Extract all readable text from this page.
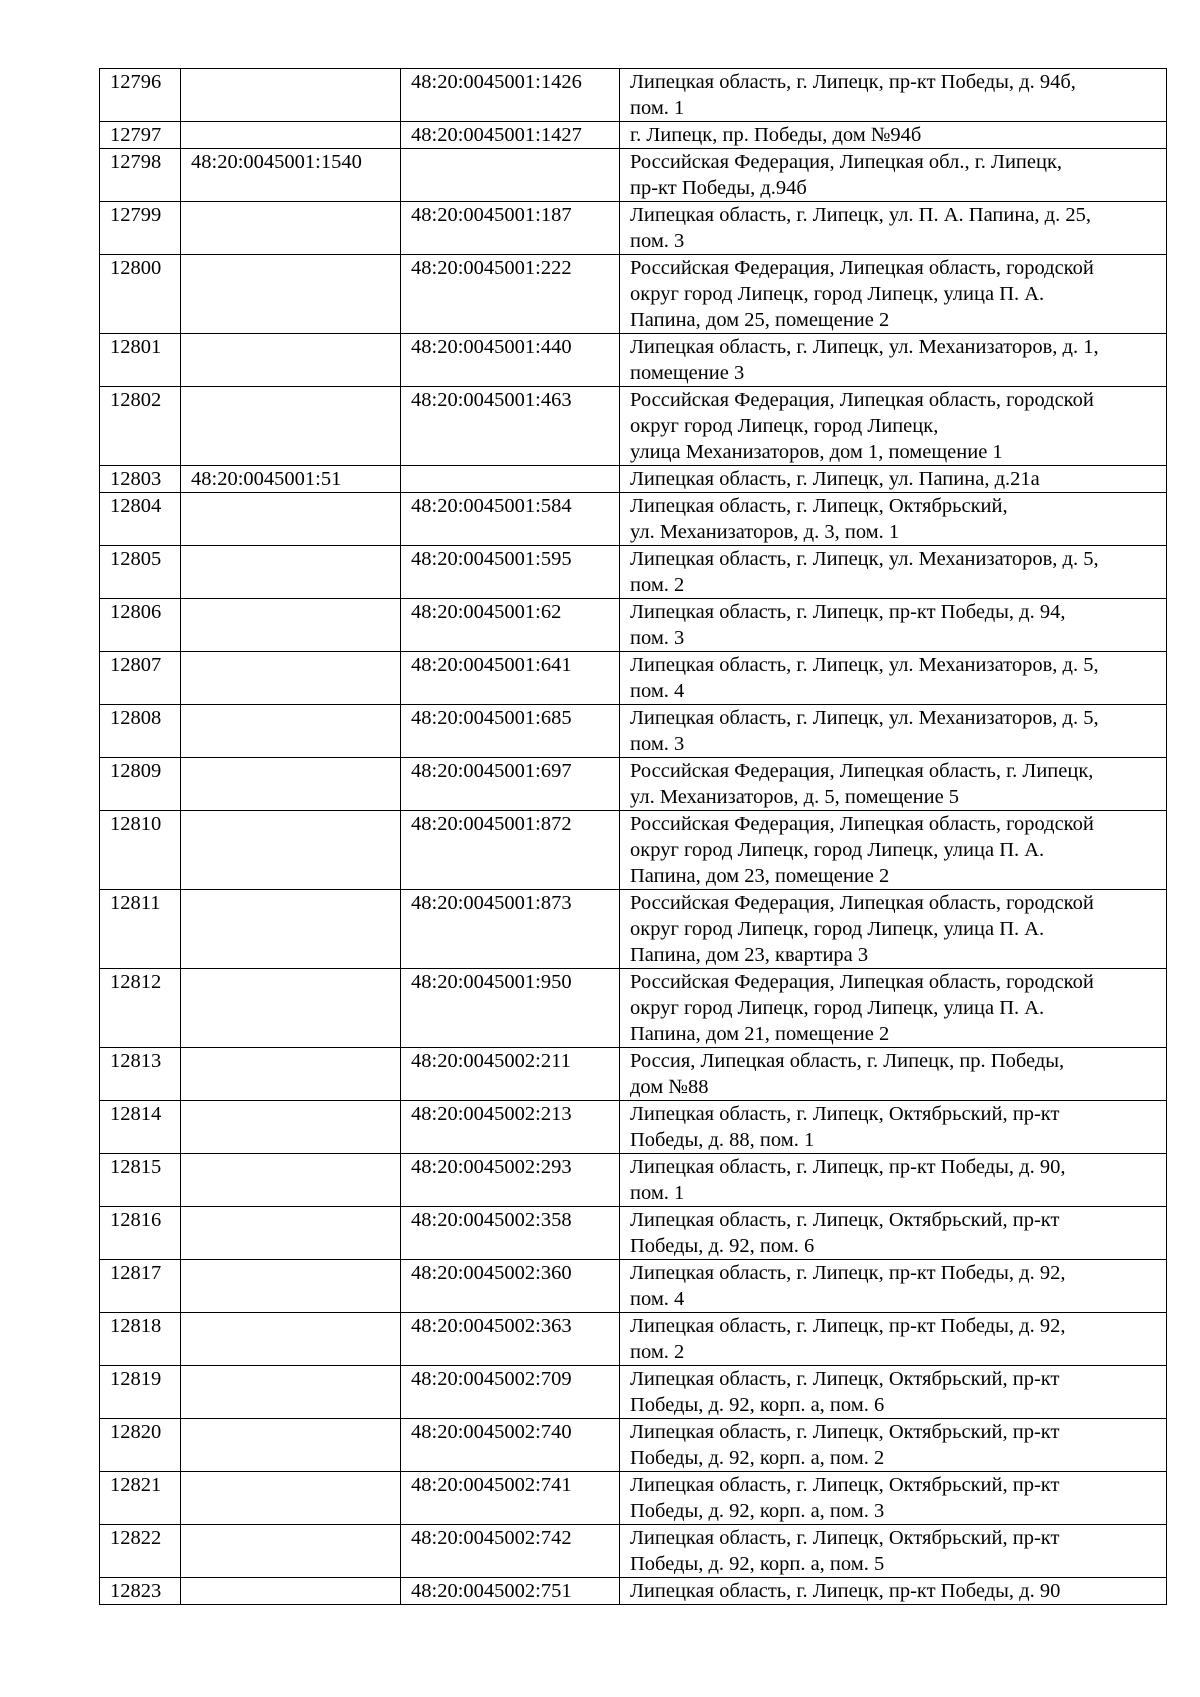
12796		48:20:0045001:1426	Липецкая область, г. Липецк, пр-кт Победы, д. 94б,
пом. 1
12797		48:20:0045001:1427	г. Липецк, пр. Победы, дом №94б
12798	48:20:0045001:1540		Российская Федерация, Липецкая обл., г. Липецк,
пр-кт Победы, д.94б
12799		48:20:0045001:187	Липецкая область, г. Липецк, ул. П. А. Папина, д. 25,
пом. 3
12800		48:20:0045001:222	Российская Федерация, Липецкая область, городской
округ город Липецк, город Липецк, улица П. А.
Папина, дом 25, помещение 2
12801		48:20:0045001:440	Липецкая область, г. Липецк, ул. Механизаторов, д. 1,
помещение 3
12802		48:20:0045001:463	Российская Федерация, Липецкая область, городской
округ город Липецк, город Липецк,
улица Механизаторов, дом 1, помещение 1
12803	48:20:0045001:51		Липецкая область, г. Липецк, ул. Папина, д.21а
12804		48:20:0045001:584	Липецкая область, г. Липецк, Октябрьский,
ул. Механизаторов, д. 3, пом. 1
12805		48:20:0045001:595	Липецкая область, г. Липецк, ул. Механизаторов, д. 5,
пом. 2
12806		48:20:0045001:62	Липецкая область, г. Липецк, пр-кт Победы, д. 94,
пом. 3
12807		48:20:0045001:641	Липецкая область, г. Липецк, ул. Механизаторов, д. 5,
пом. 4
12808		48:20:0045001:685	Липецкая область, г. Липецк, ул. Механизаторов, д. 5,
пом. 3
12809		48:20:0045001:697	Российская Федерация, Липецкая область, г. Липецк,
ул. Механизаторов, д. 5, помещение 5
12810		48:20:0045001:872	Российская Федерация, Липецкая область, городской
округ город Липецк, город Липецк, улица П. А.
Папина, дом 23, помещение 2
12811		48:20:0045001:873	Российская Федерация, Липецкая область, городской
округ город Липецк, город Липецк, улица П. А.
Папина, дом 23, квартира 3
12812		48:20:0045001:950	Российская Федерация, Липецкая область, городской
округ город Липецк, город Липецк, улица П. А.
Папина, дом 21, помещение 2
12813		48:20:0045002:211	Россия, Липецкая область, г. Липецк, пр. Победы,
дом №88
12814		48:20:0045002:213	Липецкая область, г. Липецк, Октябрьский, пр-кт
Победы, д. 88, пом. 1
12815		48:20:0045002:293	Липецкая область, г. Липецк, пр-кт Победы, д. 90,
пом. 1
12816		48:20:0045002:358	Липецкая область, г. Липецк, Октябрьский, пр-кт
Победы, д. 92, пом. 6
12817		48:20:0045002:360	Липецкая область, г. Липецк, пр-кт Победы, д. 92,
пом. 4
12818		48:20:0045002:363	Липецкая область, г. Липецк, пр-кт Победы, д. 92,
пом. 2
12819		48:20:0045002:709	Липецкая область, г. Липецк, Октябрьский, пр-кт
Победы, д. 92, корп. а, пом. 6
12820		48:20:0045002:740	Липецкая область, г. Липецк, Октябрьский, пр-кт
Победы, д. 92, корп. а, пом. 2
12821		48:20:0045002:741	Липецкая область, г. Липецк, Октябрьский, пр-кт
Победы, д. 92, корп. а, пом. 3
12822		48:20:0045002:742	Липецкая область, г. Липецк, Октябрьский, пр-кт
Победы, д. 92, корп. а, пом. 5
12823		48:20:0045002:751	Липецкая область, г. Липецк, пр-кт Победы, д. 90
